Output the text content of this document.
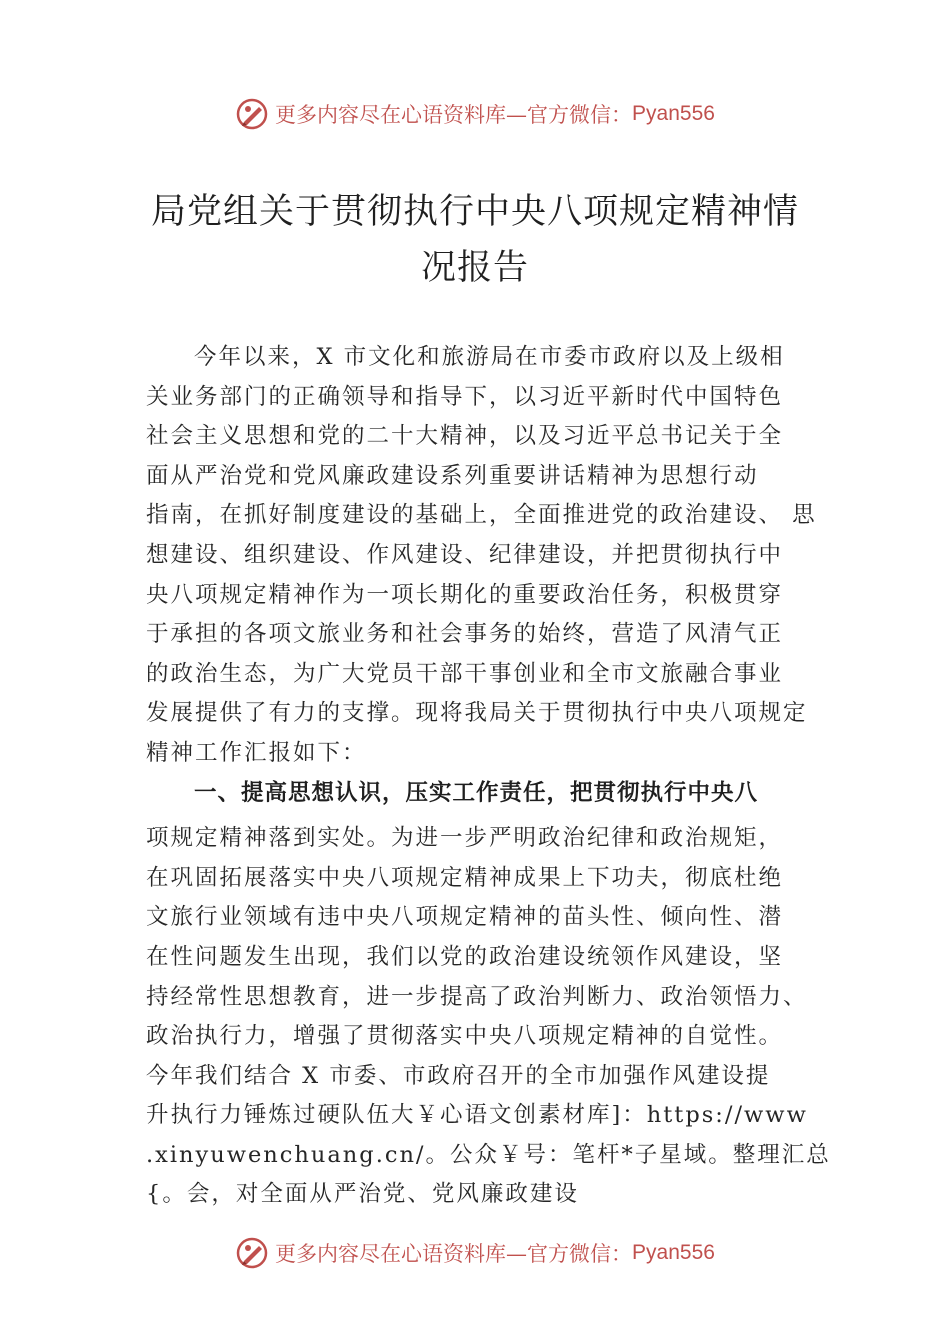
更多内容尽在心语资料库—官方微信： Pyan556
局党组关于贯彻执行中央八项规定精神情
况报告
今年以来，X 市文化和旅游局在市委市政府以及上级相
关业务部门的正确领导和指导下，以习近平新时代中国特色
社会主义思想和党的二十大精神，以及习近平总书记关于全
面从严治党和党风廉政建设系列重要讲话精神为思想行动
指南，在抓好制度建设的基础上，全面推进党的政治建设、 思
想建设、组织建设、作风建设、纪律建设，并把贯彻执行中
央八项规定精神作为一项长期化的重要政治任务，积极贯穿
于承担的各项文旅业务和社会事务的始终，营造了风清气正
的政治生态，为广大党员干部干事创业和全市文旅融合事业
发展提供了有力的支撑。现将我局关于贯彻执行中央八项规定
精神工作汇报如下：
一、提高思想认识，压实工作责任，把贯彻执行中央八
项规定精神落到实处。为进一步严明政治纪律和政治规矩，
在巩固拓展落实中央八项规定精神成果上下功夫，彻底杜绝
文旅行业领域有违中央八项规定精神的苗头性、倾向性、潜
在性问题发生出现，我们以党的政治建设统领作风建设，坚
持经常性思想教育，进一步提高了政治判断力、政治领悟力、
政治执行力，增强了贯彻落实中央八项规定精神的自觉性。
今年我们结合 X 市委、市政府召开的全市加强作风建设提
升执行力锤炼过硬队伍大￥心语文创素材库]：https://www
.xinyuwenchuang.cn/。公众￥号：笔杆*子星域。整理汇总
{。会，对全面从严治党、党风廉政建设
更多内容尽在心语资料库—官方微信： Pyan556
